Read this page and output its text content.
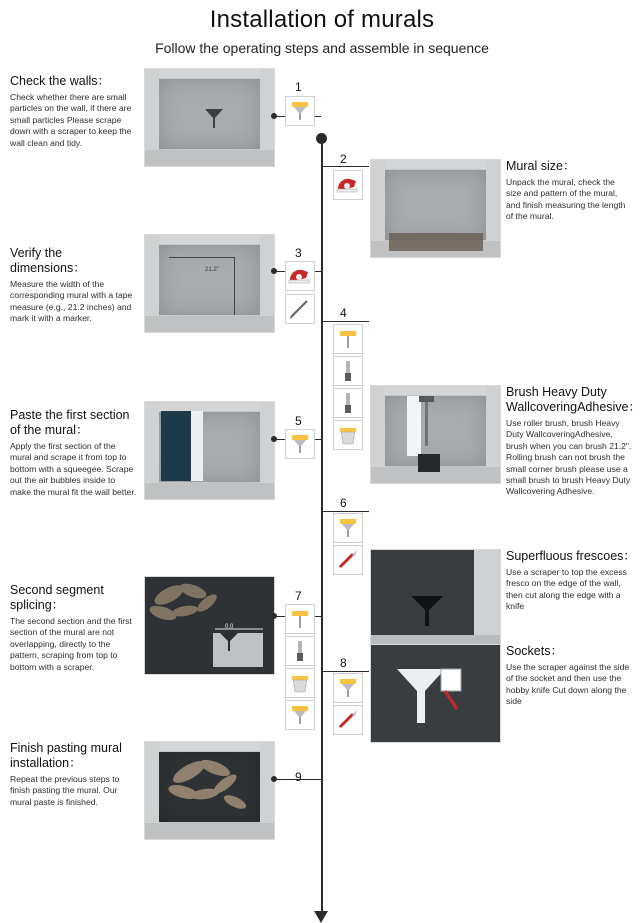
Installation of murals
Follow the operating steps and assemble in sequence
Check the walls：
Check whether there are small particles on the wall, if there are small particles Please scrape down with a scraper to keep the wall clean and tidy.
1
2	Mural size：
Unpack the mural, check the size and pattern of the mural, and finish measuring the length of the mural.
Verify the dimensions：
Measure the width of the corresponding mural with a tape measure (e.g., 21.2 inches) and mark it with a marker.
21.2"
3
4
Brush Heavy Duty WallcoveringAdhesive：
Use roller brush, brush Heavy Duty WallcoveringAdhesive, brush when you can brush 21.2". Rolling brush can not brush the small corner brush please use a small brush to brush Heavy Duty Wallcovering Adhesive.
Paste the first section of the mural：
Apply the first section of the mural and scrape it from top to bottom with a squeegee. Scrape out the air bubbles inside to make the mural fit the wall better.
5
6
Superfluous frescoes：
Use a scraper to top the excess fresco on the edge of the wall, then cut along the edge with a knife
Second segment splicing：
The second section and the first section of the mural are not overlapping, directly to the pattern, scraping from top to bottom with a scraper.
0.0
7
8
Sockets：
Use the scraper against the side of the socket and then use the hobby knife Cut down along the side
Finish pasting mural installation：
Repeat the previous steps to finish pasting the mural. Our mural paste is finished.
9
